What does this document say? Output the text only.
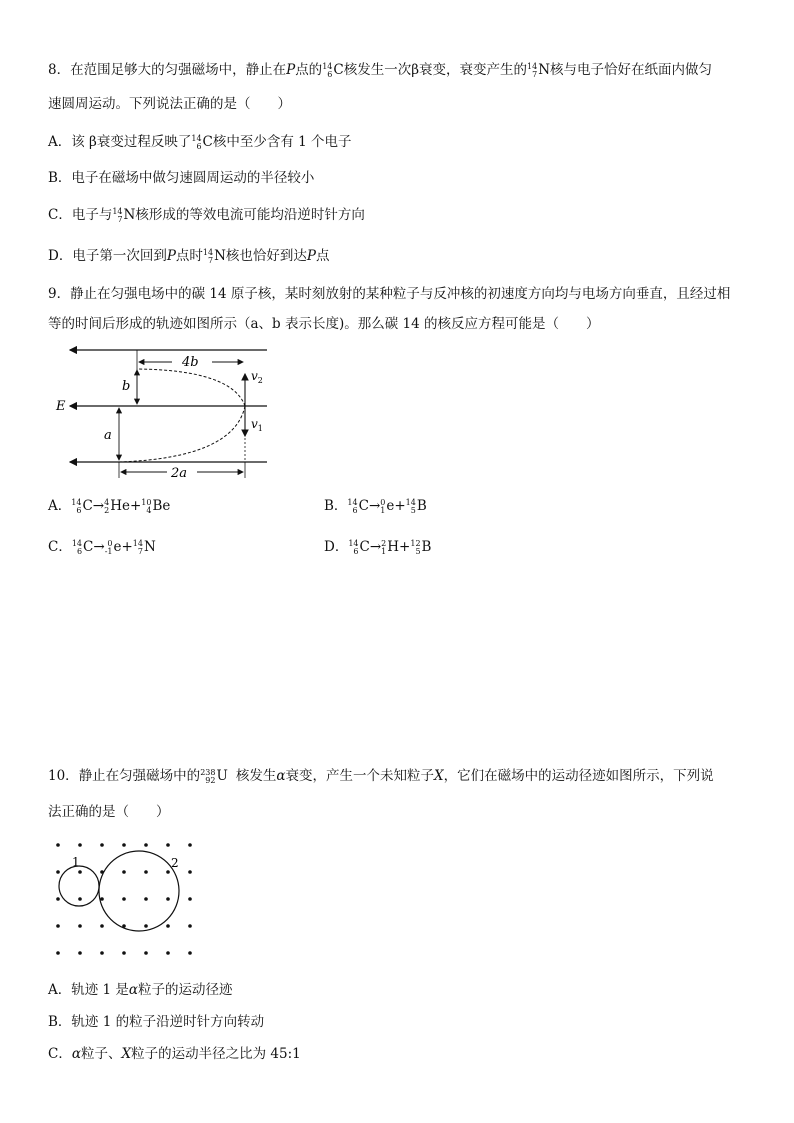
8．在范围足够大的匀强磁场中，静止在P点的 14
6 C核发生一次β衰变，衰变产生的 14
7 N核与电子恰好在纸面内做匀
速圆周运动。下列说法正确的是（　　）
A．该 β衰变过程反映了 14
6 C核中至少含有 1 个电子
B．电子在磁场中做匀速圆周运动的半径较小
C．电子与 14
7 N核形成的等效电流可能均沿逆时针方向
D．电子第一次回到P点时 14
7 N核也恰好到达P点
9．静止在匀强电场中的碳 14 原子核，某时刻放射的某种粒子与反冲核的初速度方向均与电场方向垂直，且经过相
等的时间后形成的轨迹如图所示（a、b 表示长度)。那么碳 14 的核反应方程可能是（　　）
4b
b
E
a
2a
$v_2$
$v_1$
A． 14
6 C→ 4
2 He+ 10
4 Be	B． 14
6 C→ 0
1 e+ 14
5 B
C． 14
6 C→ 0
-1 e+ 14
7 N	D． 14
6 C→ 2
1 H+ 12
5 B
10．静止在匀强磁场中的 238
92 U 核发生α衰变，产生一个未知粒子X，它们在磁场中的运动径迹如图所示，下列说
法正确的是（　　）
1	2
A．轨迹 1 是α粒子的运动径迹
B．轨迹 1 的粒子沿逆时针方向转动
C．α粒子、X粒子的运动半径之比为 45:1
